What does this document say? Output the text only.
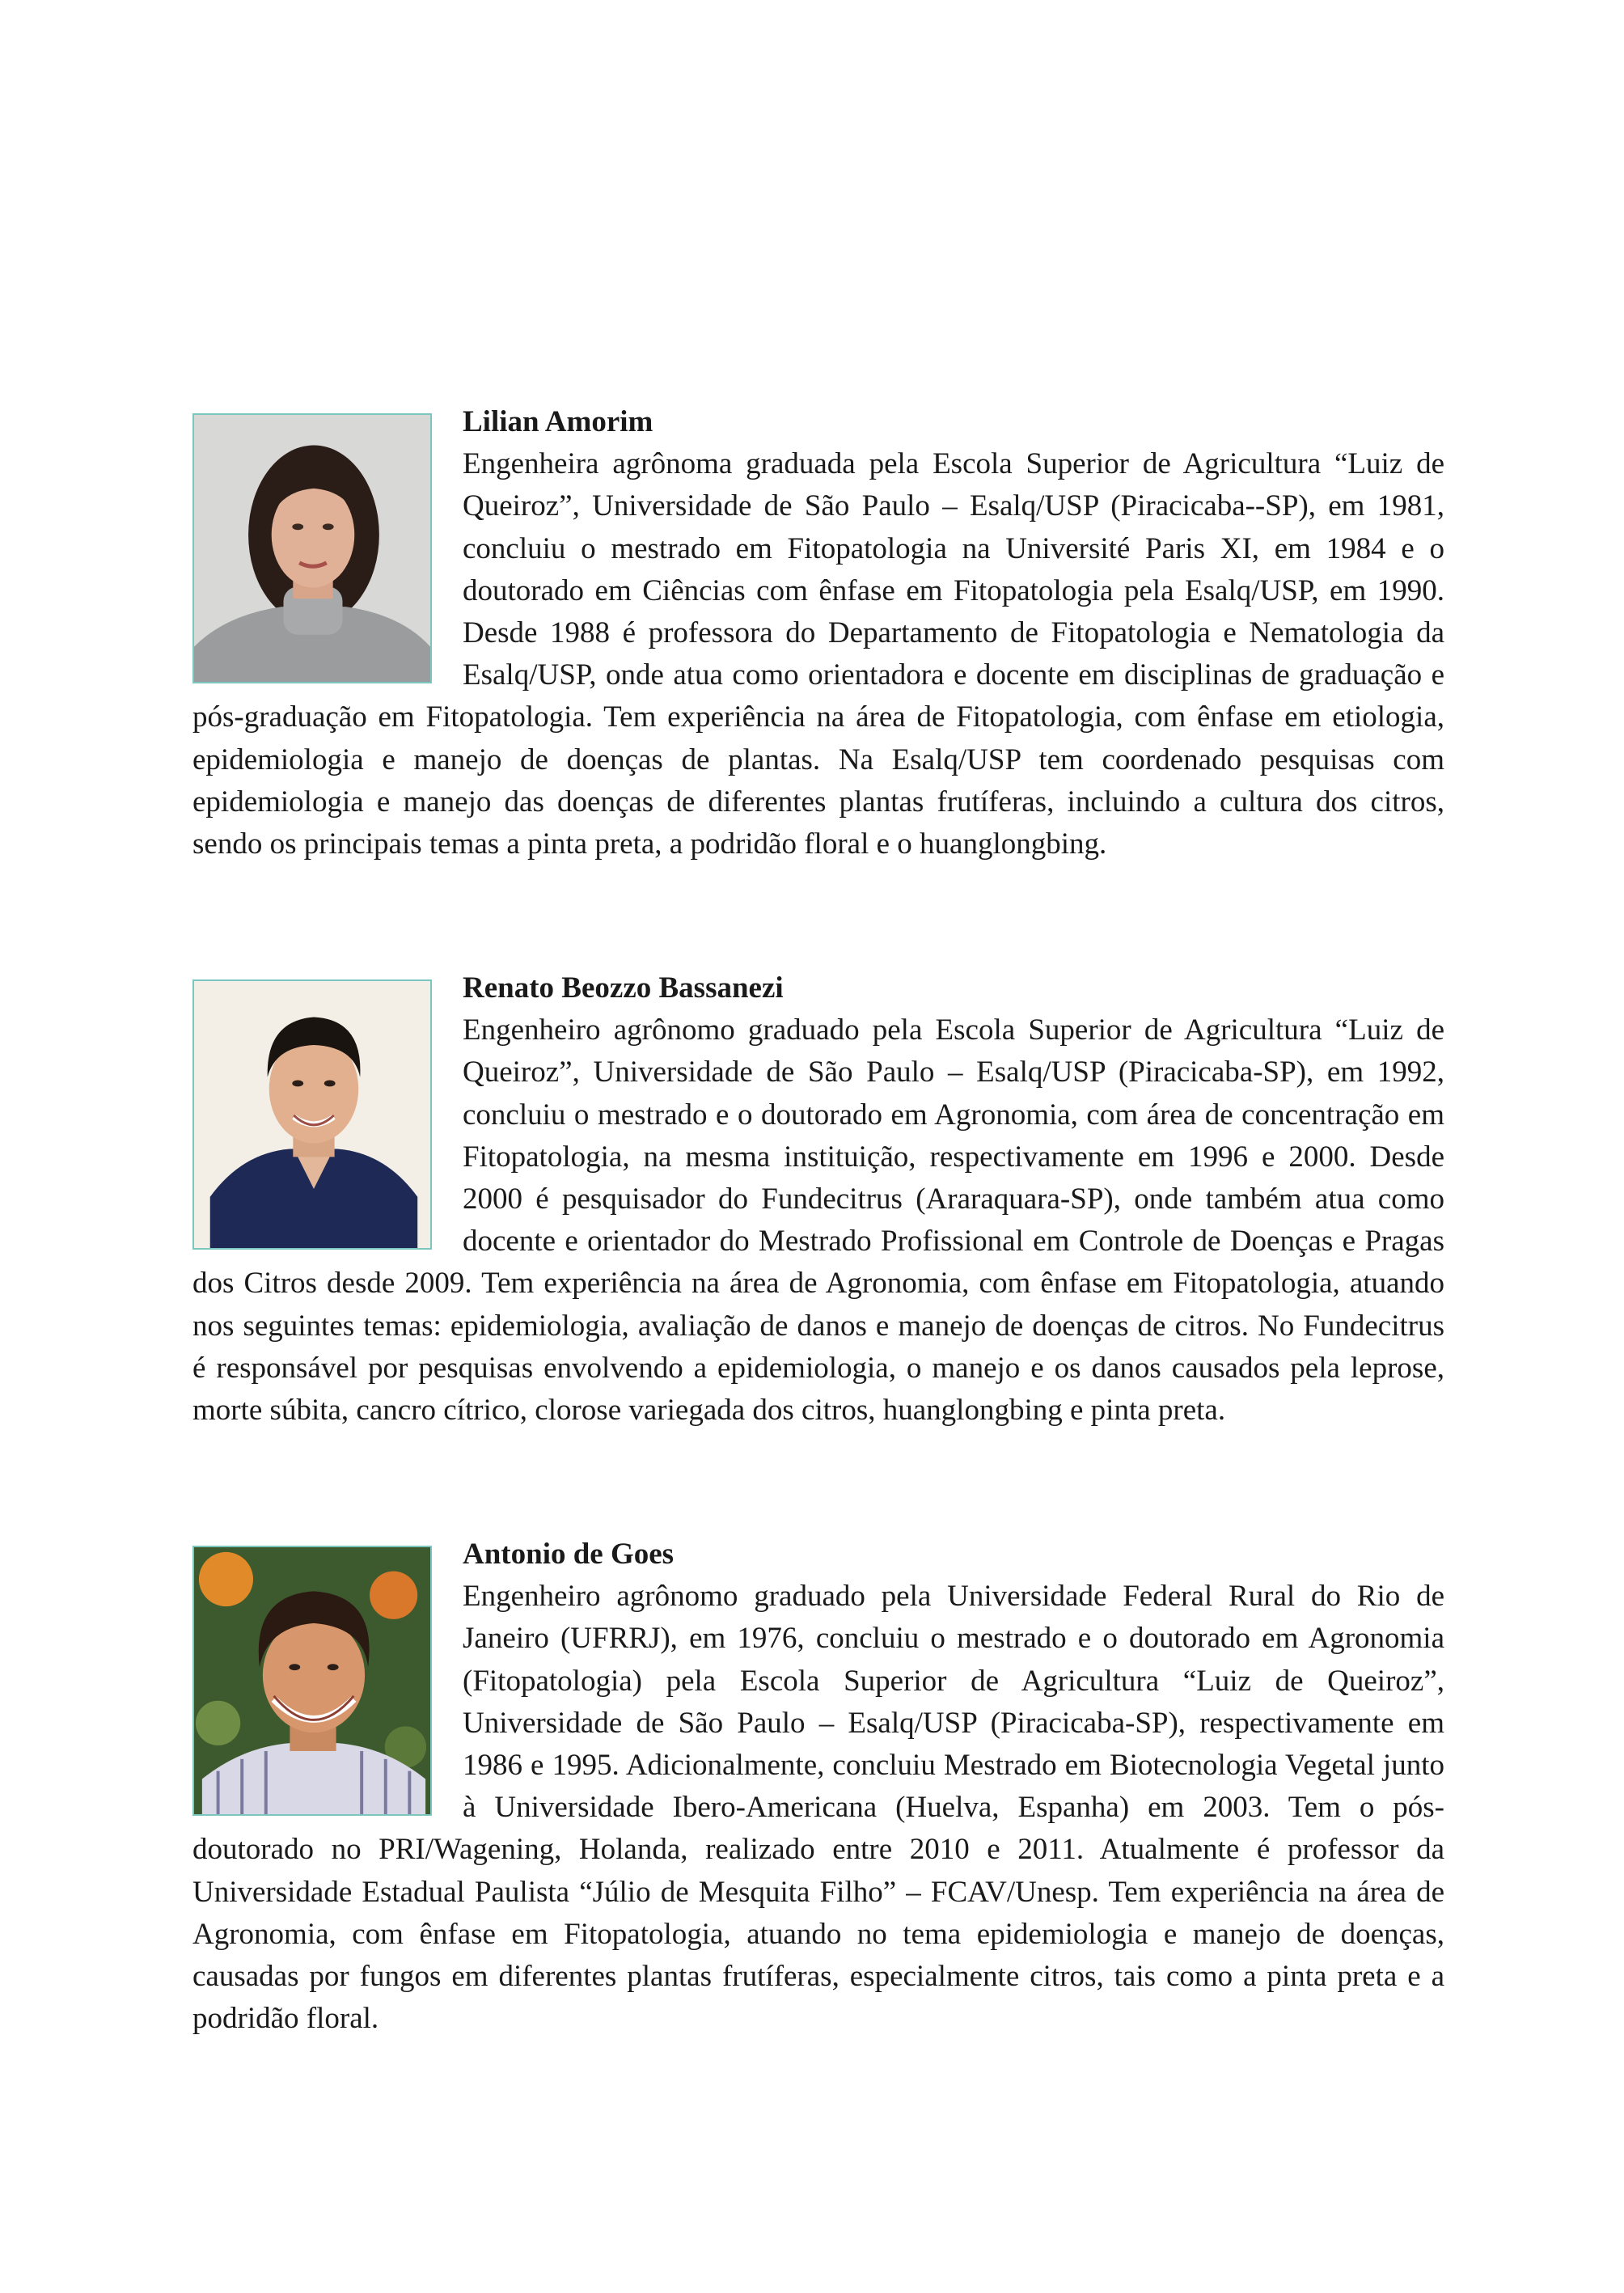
Lilian Amorim
Engenheira agrônoma graduada pela Escola Superior de Agricultura “Luiz de Queiroz”, Universidade de São Paulo – Esalq/USP (Piracicaba--SP), em 1981, concluiu o mestrado em Fitopatologia na Université Paris XI, em 1984 e o doutorado em Ciências com ênfase em Fitopatologia pela Esalq/USP, em 1990. Desde 1988 é professora do Departamento de Fitopatologia e Nematologia da Esalq/USP, onde atua como orientadora e docente em disciplinas de graduação e pós-graduação em Fitopatologia. Tem experiência na área de Fitopatologia, com ênfase em etiologia, epidemiologia e manejo de doenças de plantas. Na Esalq/USP tem coordenado pesquisas com epidemiologia e manejo das doenças de diferentes plantas frutíferas, incluindo a cultura dos citros, sendo os principais temas a pinta preta, a podridão floral e o huanglongbing.
Renato Beozzo Bassanezi
Engenheiro agrônomo graduado pela Escola Superior de Agricultura “Luiz de Queiroz”, Universidade de São Paulo – Esalq/USP (Piracicaba-SP), em 1992, concluiu o mestrado e o doutorado em Agronomia, com área de concentração em Fitopatologia, na mesma instituição, respectivamente em 1996 e 2000. Desde 2000 é pesquisador do Fundecitrus (Araraquara-SP), onde também atua como docente e orientador do Mestrado Profissional em Controle de Doenças e Pragas dos Citros desde 2009. Tem experiência na área de Agronomia, com ênfase em Fitopatologia, atuando nos seguintes temas: epidemiologia, avaliação de danos e manejo de doenças de citros. No Fundecitrus é responsável por pesquisas envolvendo a epidemiologia, o manejo e os danos causados pela leprose, morte súbita, cancro cítrico, clorose variegada dos citros, huanglongbing e pinta preta.
Antonio de Goes
Engenheiro agrônomo graduado pela Universidade Federal Rural do Rio de Janeiro (UFRRJ), em 1976, concluiu o mestrado e o doutorado em Agronomia (Fitopatologia) pela Escola Superior de Agricultura “Luiz de Queiroz”, Universidade de São Paulo – Esalq/USP (Piracicaba-SP), respectivamente em 1986 e 1995. Adicionalmente, concluiu Mestrado em Biotecnologia Vegetal junto à Universidade Ibero-Americana (Huelva, Espanha) em 2003. Tem o pós-doutorado no PRI/Wagening, Holanda, realizado entre 2010 e 2011. Atualmente é professor da Universidade Estadual Paulista “Júlio de Mesquita Filho” – FCAV/Unesp. Tem experiência na área de Agronomia, com ênfase em Fitopatologia, atuando no tema epidemiologia e manejo de doenças, causadas por fungos em diferentes plantas frutíferas, especialmente citros, tais como a pinta preta e a podridão floral.
